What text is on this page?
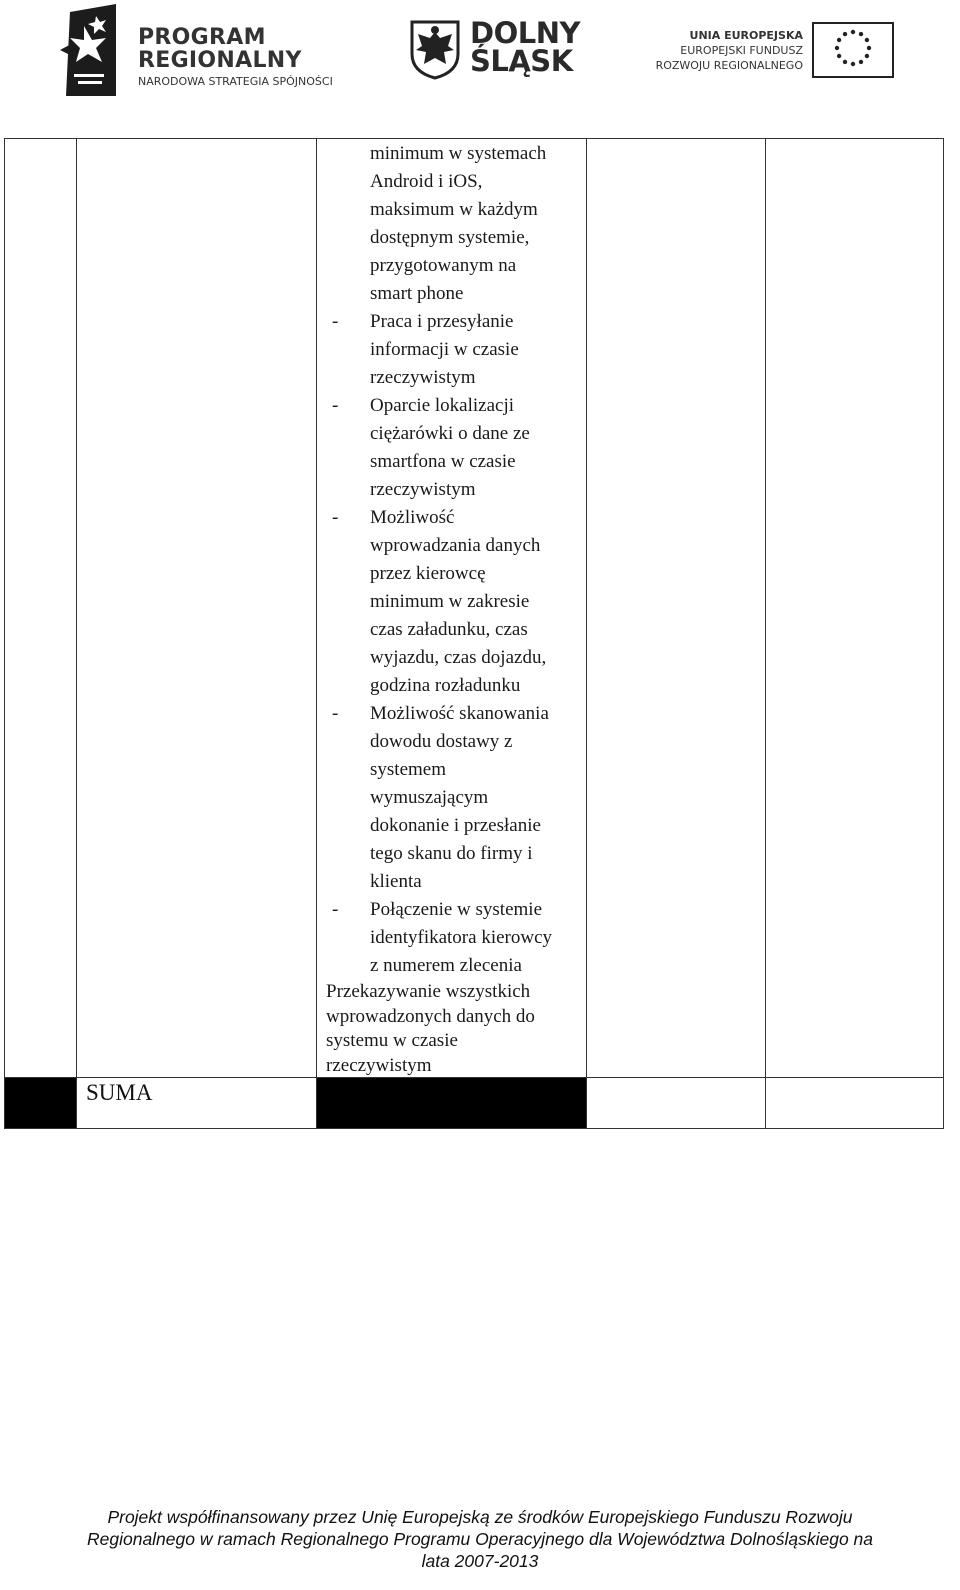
PROGRAM
REGIONALNY
NARODOWA STRATEGIA SPÓJNOŚCI
DOLNY
ŚLĄSK
UNIA EUROPEJSKA
EUROPEJSKI FUNDUSZ
ROZWOJU REGIONALNEGO

minimum w systemach

Android i iOS,

maksimum w każdym

dostępnym systemie,

przygotowanym na

smart phone

- Praca i przesyłanie

informacji w czasie

rzeczywistym

- Oparcie lokalizacji

ciężarówki o dane ze

smartfona w czasie

rzeczywistym

- Możliwość

wprowadzania danych

przez kierowcę

minimum w zakresie

czas załadunku, czas

wyjazdu, czas dojazdu,

godzina rozładunku

- Możliwość skanowania

dowodu dostawy z

systemem

wymuszającym

dokonanie i przesłanie

tego skanu do firmy i

klienta

- Połączenie w systemie

identyfikatora kierowcy

z numerem zlecenia

Przekazywanie wszystkich

wprowadzonych danych do

systemu w czasie

rzeczywistym

SUMA
Projekt współfinansowany przez Unię Europejską ze środków Europejskiego Funduszu Rozwoju
Regionalnego w ramach Regionalnego Programu Operacyjnego dla Województwa Dolnośląskiego na
lata 2007-2013
